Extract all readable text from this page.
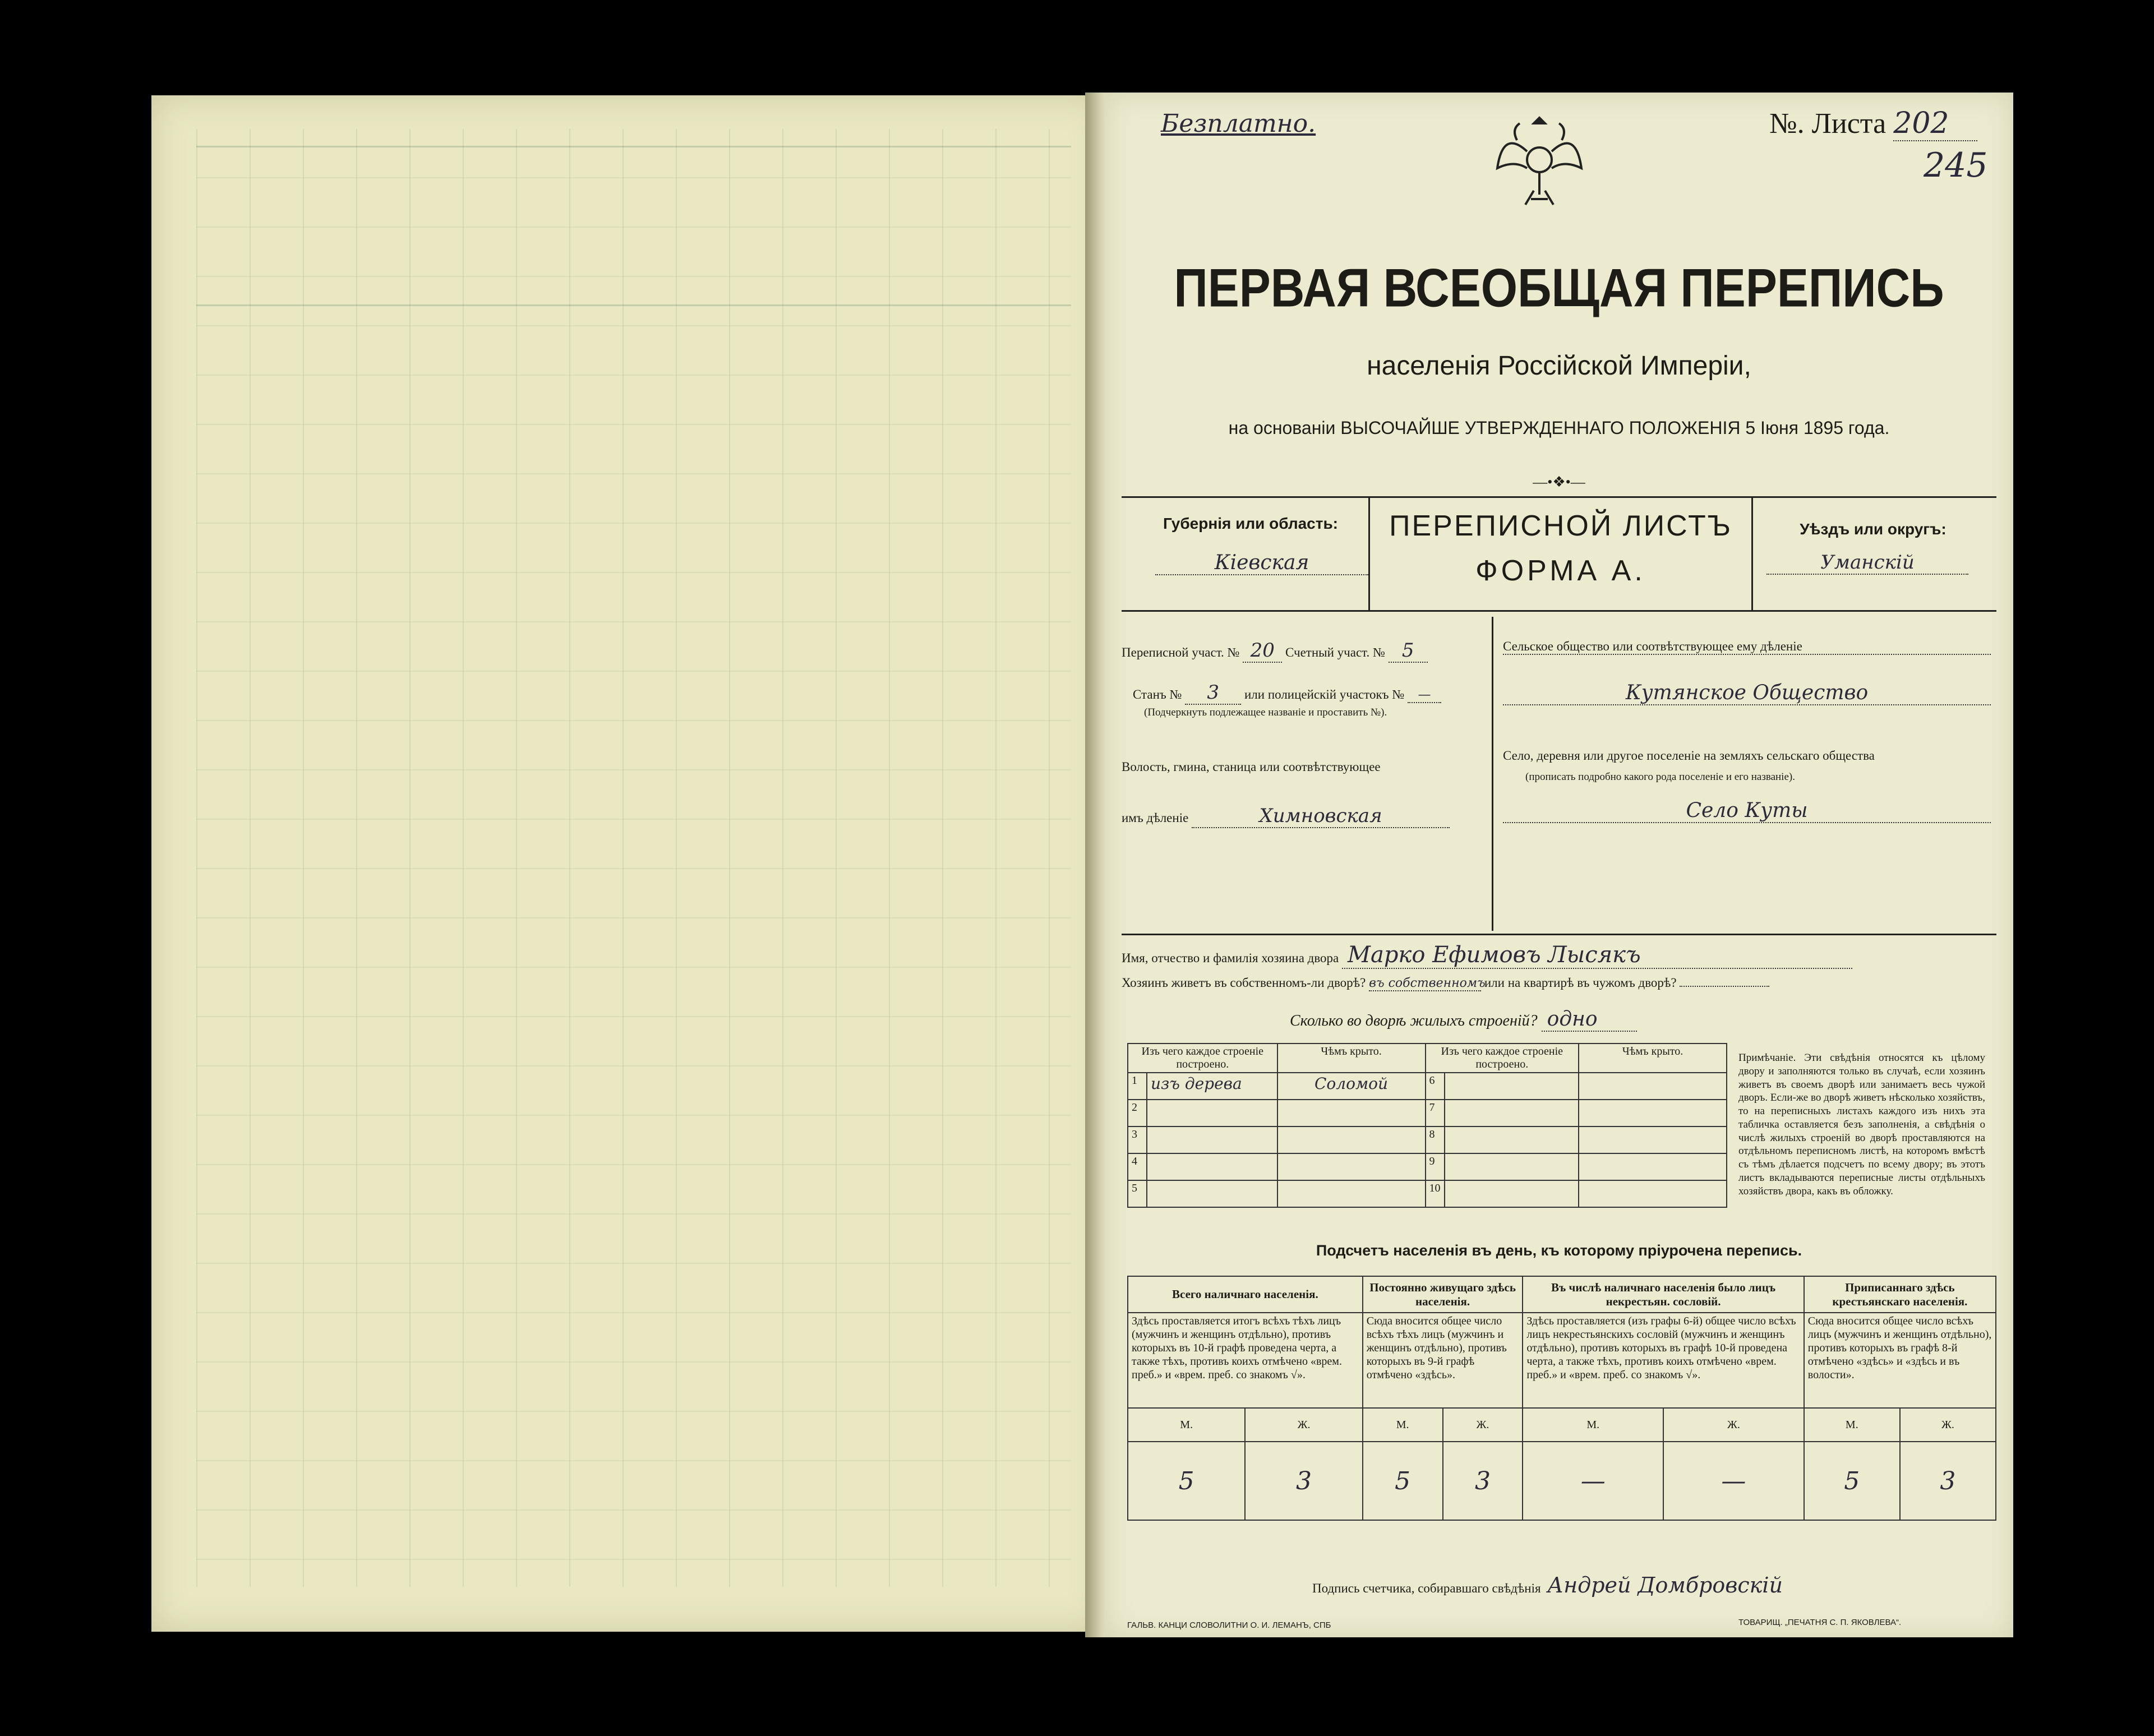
Безплатно.	№. Листа 202
245
ПЕРВАЯ ВСЕОБЩАЯ ПЕРЕПИСЬ
населенія Россійской Имперіи,
на основаніи ВЫСОЧАЙШЕ УТВЕРЖДЕННАГО ПОЛОЖЕНІЯ 5 Іюня 1895 года.
—•❖•—
Губернія или область:
Кіевская
ПЕРЕПИСНОЙ ЛИСТЪ
ФОРМА А.
Уѣздъ или округъ:
Уманскій
Переписной участ. № 20 Счетный участ. № 5
Станъ № 3 или полицейскій участокъ № —
(Подчеркнуть подлежащее названіе и проставить №).
Волость, гмина, станица или соотвѣтствующее
имъ дѣленіе	Химновская
Сельское общество или соотвѣтствующее ему дѣленіе
Кутянское Общество
Село, деревня или другое поселеніе на земляхъ сельскаго общества
(прописать подробно какого рода поселеніе и его названіе).
Село Куты
Имя, отчество и фамилія хозяина двора Марко Ефимовъ Лысякъ
Хозяинъ живетъ въ собственномъ-ли дворѣ? въ собственномъ или на квартирѣ въ чужомъ дворѣ?
Сколько во дворѣ жилыхъ строеній? одно
Изъ чего каждое строеніе построено.		Чѣмъ крыто.	Изъ чего каждое строеніе построено.		Чѣмъ крыто.
1	изъ дерева	Соломой	6		
2			7		
3			8		
4			9		
5			10		
Примѣчаніе. Эти свѣдѣнія относятся къ цѣлому двору и заполняются только въ случаѣ, если хозяинъ живетъ въ своемъ дворѣ или занимаетъ весь чужой дворъ. Если-же во дворѣ живетъ нѣсколько хозяйствъ, то на переписныхъ листахъ каждого изъ нихъ эта табличка оставляется безъ заполненія, а свѣдѣнія о числѣ жилыхъ строеній во дворѣ проставляются на отдѣльномъ переписномъ листѣ, на которомъ вмѣстѣ съ тѣмъ дѣлается подсчетъ по всему двору; въ этотъ листъ вкладываются переписные листы отдѣльныхъ хозяйствъ двора, какъ въ обложку.
Подсчетъ населенія въ день, къ которому пріурочена перепись.
Всего наличнаго населенія.		Постоянно живущаго здѣсь населенія.		Въ числѣ наличнаго населенія было лицъ некрестьян. сословій.		Приписаннаго здѣсь крестьянскаго населенія.	
Здѣсь проставляется итогъ всѣхъ тѣхъ лицъ (мужчинъ и женщинъ отдѣльно), противъ которыхъ въ 10-й графѣ проведена черта, а также тѣхъ, противъ коихъ отмѣчено «врем. преб.» и «врем. преб. со знакомъ √».		Сюда вносится общее число всѣхъ тѣхъ лицъ (мужчинъ и женщинъ отдѣльно), противъ которыхъ въ 9-й графѣ отмѣчено «здѣсь».		Здѣсь проставляется (изъ графы 6-й) общее число всѣхъ лицъ некрестьянскихъ сословій (мужчинъ и женщинъ отдѣльно), противъ которыхъ въ графѣ 10-й проведена черта, а также тѣхъ, противъ коихъ отмѣчено «врем. преб.» и «врем. преб. со знакомъ √».		Сюда вносится общее число всѣхъ лицъ (мужчинъ и женщинъ отдѣльно), противъ которыхъ въ графѣ 8-й отмѣчено «здѣсь» и «здѣсь и въ волости».	
М.	Ж.	М.	Ж.	М.	Ж.	М.	Ж.
5	3	5	3	—	—	5	3
Подпись счетчика, собиравшаго свѣдѣнія Андрей Домбровскій
ГАЛЬВ. КАНЦИ СЛОВОЛИТНИ О. И. ЛЕМАНЪ, СПБ	ТОВАРИЩ. „ПЕЧАТНЯ С. П. ЯКОВЛЕВА“.
